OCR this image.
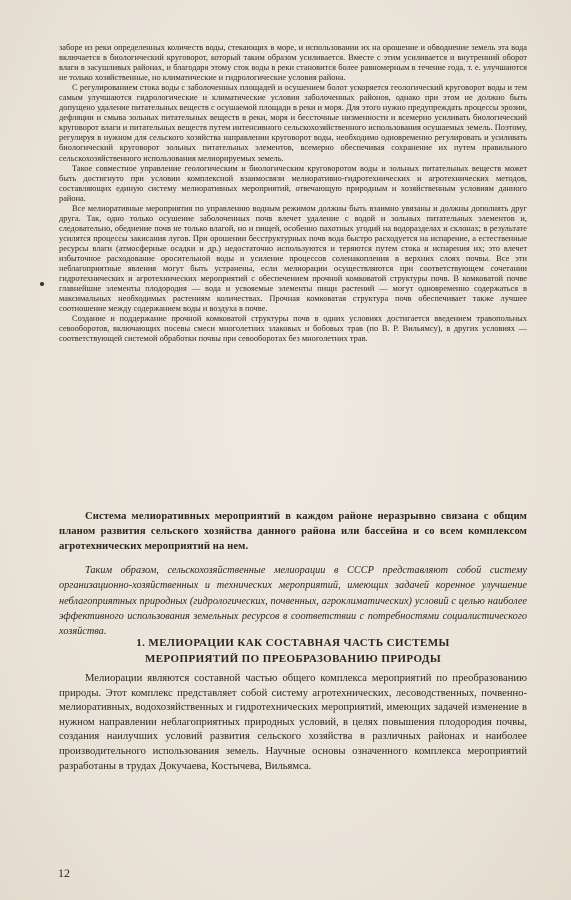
заборе из реки определенных количеств воды, стекающих в море, и использовании их на орошение и обводнение земель эта вода включается в биологический круговорот, который таким образом усиливается. Вместе с этим усиливается и внутренний оборот влаги в засушливых районах, и благодаря этому сток воды в реки становится более равномерным в течение года, т. е. улучшаются не только хозяйственные, но климатические и гидрологические условия района.

С регулированием стока воды с заболоченных площадей и осушением болот ускоряется геологический круговорот воды и тем самым улучшаются гидрологические и климатические условия заболоченных районов, однако при этом не должно быть допущено удаление питательных веществ с осушаемой площади в реки и моря. Для этого нужно предупреждать процессы эрозии, дефляции и смыва зольных питательных веществ в реки, моря и бессточные низменности и всемерно усиливать биологический круговорот влаги и питательных веществ путем интенсивного сельскохозяйственного использования осушаемых земель. Поэтому, регулируя в нужном для сельского хозяйства направлении круговорот воды, необходимо одновременно регулировать и усиливать биологический круговорот зольных питательных элементов, всемерно обеспечивая сохранение их путем правильного сельскохозяйственного использования мелиорируемых земель.

Такое совместное управление геологическим и биологическим круговоротом воды и зольных питательных веществ может быть достигнуто при условии комплексной взаимосвязи мелиоративно-гидротехнических и агротехнических методов, составляющих единую систему мелиоративных мероприятий, отвечающую природным и хозяйственным условиям данного района.

Все мелиоративные мероприятия по управлению водным режимом должны быть взаимно увязаны и должны дополнять друг друга. Так, одно только осушение заболоченных почв влечет удаление с водой и зольных питательных элементов и, следовательно, обеднение почв не только влагой, но и пищей, особенно пахотных угодий на водоразделах и склонах; в результате усилятся процессы закисания лугов. При орошении бесструктурных почв вода быстро расходуется на испарение, а естественные ресурсы влаги (атмосферные осадки и др.) недостаточно используются и теряются путем стока и испарения их; это влечет избыточное расходование оросительной воды и усиление процессов соленакопления в верхних слоях почвы. Все эти неблагоприятные явления могут быть устранены, если мелиорации осуществляются при соответствующем сочетании гидротехнических и агротехнических мероприятий с обеспечением прочной комковатой структуры почв. В комковатой почве главнейшие элементы плодородия — вода и усвояемые элементы пищи растений — могут одновременно содержаться в максимальных необходимых растениям количествах. Прочная комковатая структура почв обеспечивает также лучшее соотношение между содержанием воды и воздуха в почве.

Создание и поддержание прочной комковатой структуры почв в одних условиях достигается введением травопольных севооборотов, включающих посевы смеси многолетних злаковых и бобовых трав (по В. Р. Вильямсу), в других условиях — соответствующей системой обработки почвы при севооборотах без многолетних трав.

Система мелиоративных мероприятий в каждом районе неразрывно связана с общим планом развития сельского хозяйства данного района или бассейна и со всем комплексом агротехнических мероприятий на нем.

Таким образом, сельскохозяйственные мелиорации в СССР представляют собой систему организационно-хозяйственных и технических мероприятий, имеющих задачей коренное улучшение неблагоприятных природных (гидрологических, почвенных, агроклиматических) условий с целью наиболее эффективного использования земельных ресурсов в соответствии с потребностями социалистического хозяйства.

1. МЕЛИОРАЦИИ КАК СОСТАВНАЯ ЧАСТЬ СИСТЕМЫ
МЕРОПРИЯТИЙ ПО ПРЕОБРАЗОВАНИЮ ПРИРОДЫ

Мелиорации являются составной частью общего комплекса мероприятий по преобразованию природы. Этот комплекс представляет собой систему агротехнических, лесоводственных, почвенно-мелиоративных, водохозяйственных и гидротехнических мероприятий, имеющих задачей изменение в нужном направлении неблагоприятных природных условий, в целях повышения плодородия почвы, создания наилучших условий развития сельского хозяйства в различных районах и наиболее производительного использования земель. Научные основы означенного комплекса мероприятий разработаны в трудах Докучаева, Костычева, Вильямса.

12
